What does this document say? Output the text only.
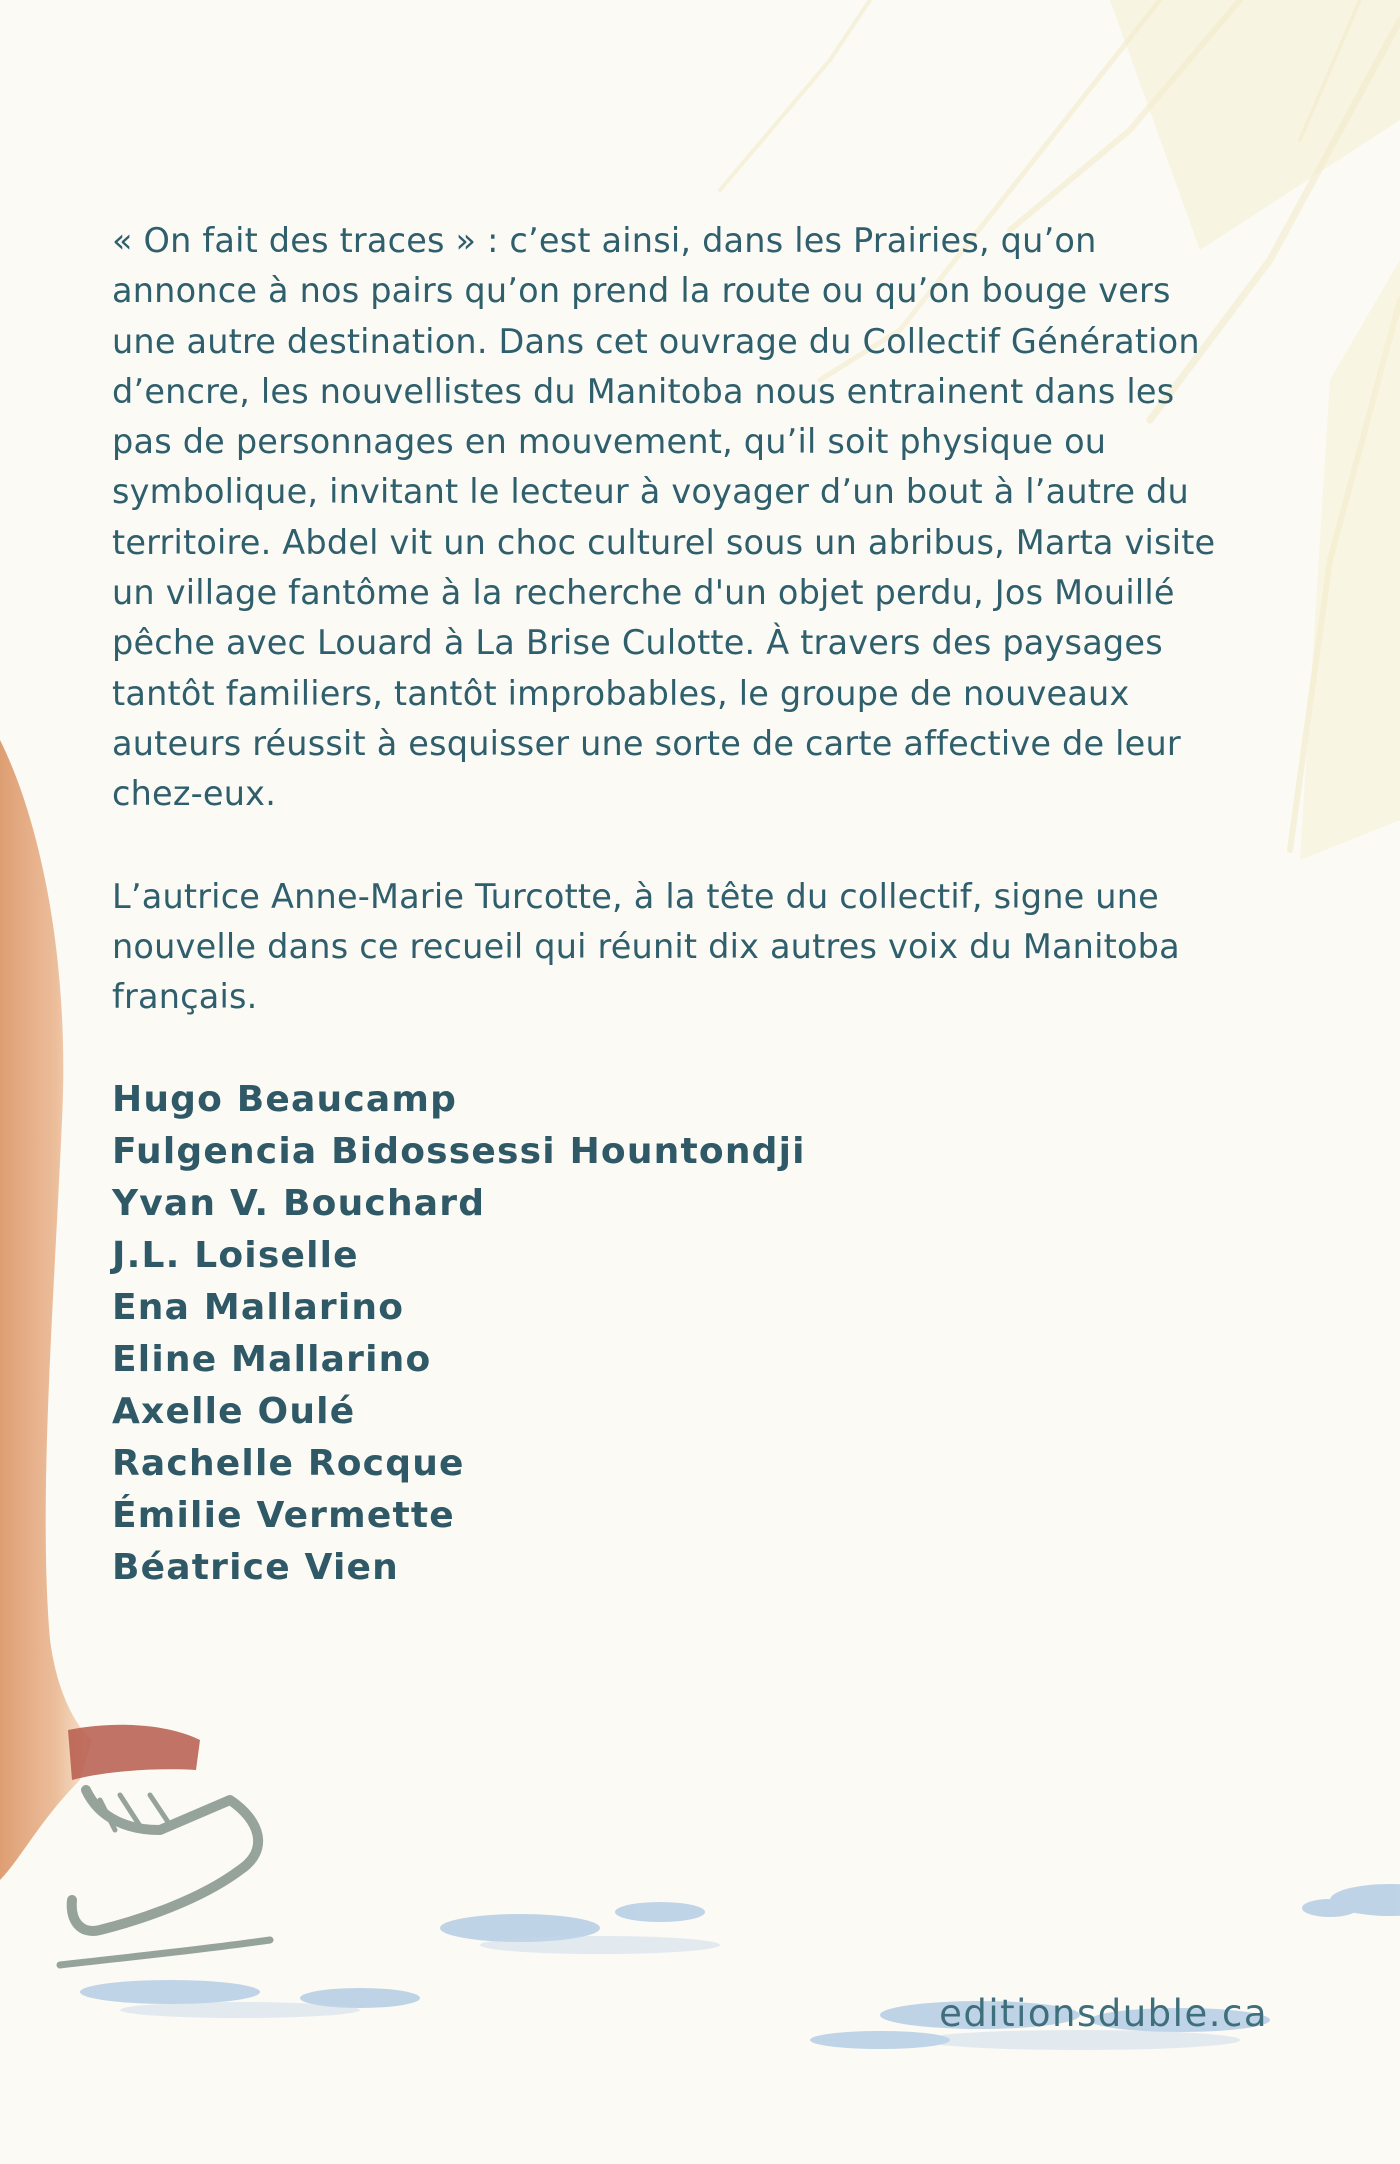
« On fait des traces » : c’est ainsi, dans les Prairies, qu’on annonce à nos pairs qu’on prend la route ou qu’on bouge vers une autre destination. Dans cet ouvrage du Collectif Génération d’encre, les nouvellistes du Manitoba nous entrainent dans les pas de personnages en mouvement, qu’il soit physique ou symbolique, invitant le lecteur à voyager d’un bout à l’autre du territoire. Abdel vit un choc culturel sous un abribus, Marta visite un village fantôme à la recherche d'un objet perdu, Jos Mouillé pêche avec Louard à La Brise Culotte. À travers des paysages tantôt familiers, tantôt improbables, le groupe de nouveaux auteurs réussit à esquisser une sorte de carte affective de leur chez-eux.

L’autrice Anne-Marie Turcotte, à la tête du collectif, signe une nouvelle dans ce recueil qui réunit dix autres voix du Manitoba français.

Hugo Beaucamp
Fulgencia Bidossessi Hountondji
Yvan V. Bouchard
J.L. Loiselle
Ena Mallarino
Eline Mallarino
Axelle Oulé
Rachelle Rocque
Émilie Vermette
Béatrice Vien
editionsduble.ca
